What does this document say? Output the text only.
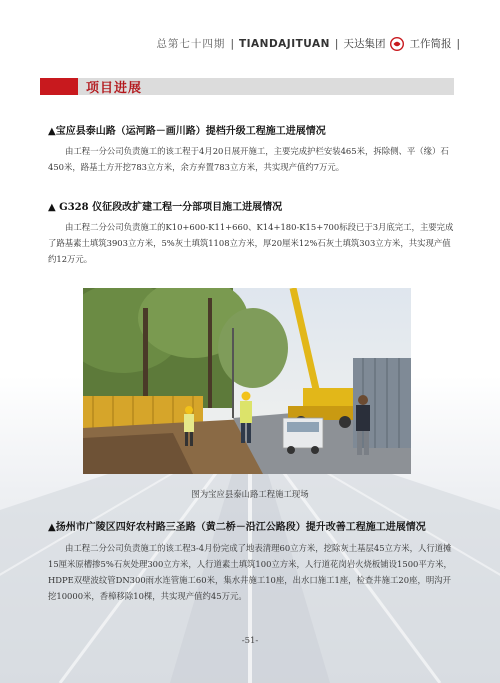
总第七十四期 | TIANDAJITUAN | 天达集团 工作简报 |
项目进展
▲宝应县泰山路（运河路－画川路）提档升级工程施工进展情况
由工程一分公司负责施工的该工程于4月20日展开施工，主要完成护栏安装465米，拆除侧、平（缘）石450米，路基土方开挖783立方米，余方弃置783立方米，共实现产值约7万元。
▲ G328 仪征段改扩建工程一分部项目施工进展情况
由工程二分公司负责施工的K10+600-K11+660、K14+180-K15+700标段已于3月底完工，主要完成了路基素土填筑3903立方米，5%灰土填筑1108立方米，厚20厘米12%石灰土填筑303立方米，共实现产值约12万元。
图为宝应县泰山路工程施工现场
▲扬州市广陵区四好农村路三圣路（黄二桥－沿江公路段）提升改善工程施工进展情况
由工程二分公司负责施工的该工程3-4月份完成了地表清理60立方米，挖除灰土基层45立方米，人行道摊15厘米原槽掺5%石灰处理300立方米，人行道素土填筑100立方米，人行道花岗岩火烧板铺设1500平方米，HDPE双壁波纹管DN300雨水连管施工60米，集水井施工10座，出水口施工1座，检查井施工20座，明沟开挖10000米，香樟移除10棵，共实现产值约45万元。
-51-
